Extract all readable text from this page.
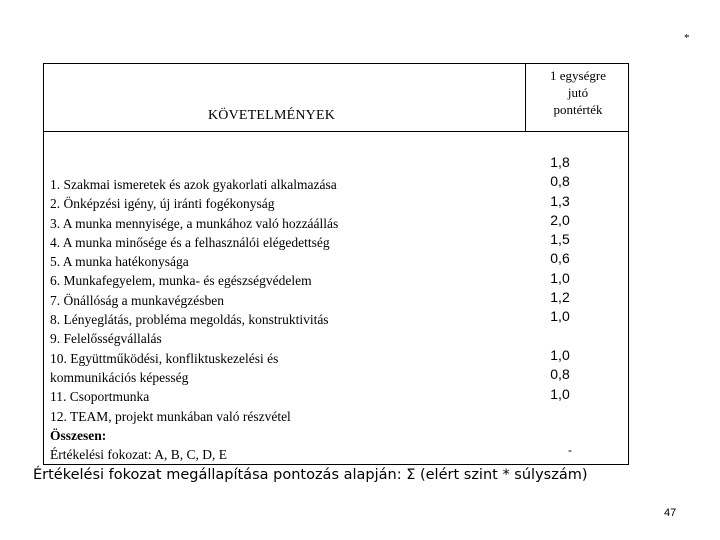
*
KÖVETELMÉNYEK
1 egységre
jutó
pontérték
1. Szakmai ismeretek és azok gyakorlati alkalmazása
2. Önképzési igény, új iránti fogékonyság
3. A munka mennyisége, a munkához való hozzáállás
4. A munka minősége és a felhasználói elégedettség
5. A munka hatékonysága
6. Munkafegyelem, munka- és egészségvédelem
7. Önállóság a munkavégzésben
8. Lényeglátás, probléma megoldás, konstruktivitás
9. Felelősségvállalás
10. Együttműködési, konfliktuskezelési és
kommunikációs képesség
11. Csoportmunka
12. TEAM, projekt munkában való részvétel
Összesen:
Értékelési fokozat: A, B, C, D, E
1,8
0,8
1,3
2,0
1,5
0,6
1,0
1,2
1,0
1,0
0,8
1,0
-
Értékelési fokozat megállapítása pontozás alapján: Σ (elért szint * súlyszám)
47
